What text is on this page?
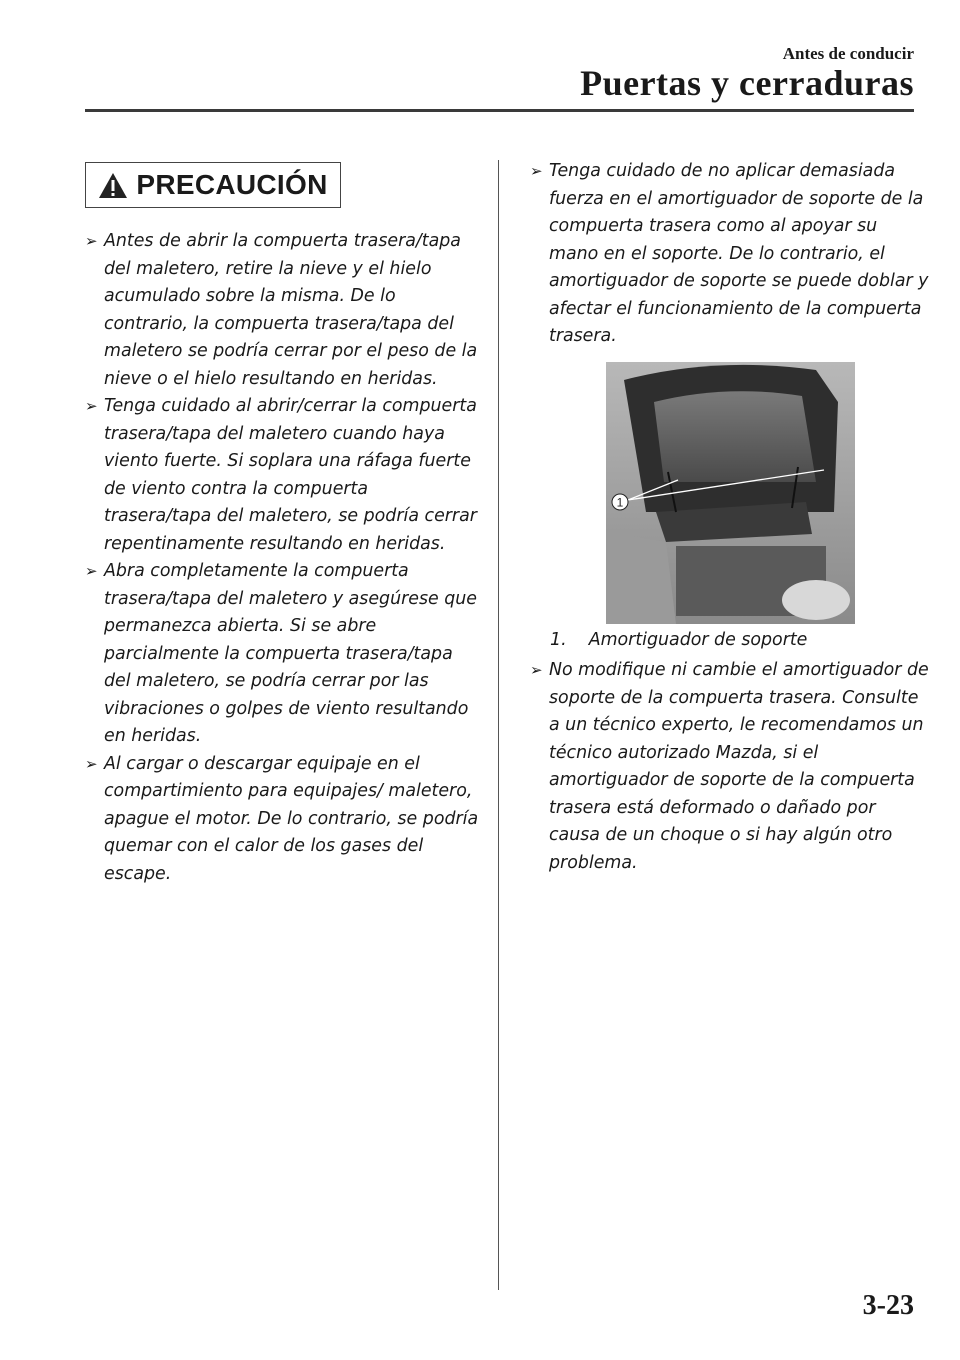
Antes de conducir
Puertas y cerraduras
PRECAUCIÓN
➢ Antes de abrir la compuerta trasera/tapa del maletero, retire la nieve y el hielo acumulado sobre la misma. De lo contrario, la compuerta trasera/tapa del maletero se podría cerrar por el peso de la nieve o el hielo resultando en heridas.
➢ Tenga cuidado al abrir/cerrar la compuerta trasera/tapa del maletero cuando haya viento fuerte. Si soplara una ráfaga fuerte de viento contra la compuerta trasera/tapa del maletero, se podría cerrar repentinamente resultando en heridas.
➢ Abra completamente la compuerta trasera/tapa del maletero y asegúrese que permanezca abierta. Si se abre parcialmente la compuerta trasera/tapa del maletero, se podría cerrar por las vibraciones o golpes de viento resultando en heridas.
➢ Al cargar o descargar equipaje en el compartimiento para equipajes/ maletero, apague el motor. De lo contrario, se podría quemar con el calor de los gases del escape.
➢ Tenga cuidado de no aplicar demasiada fuerza en el amortiguador de soporte de la compuerta trasera como al apoyar su mano en el soporte. De lo contrario, el amortiguador de soporte se puede doblar y afectar el funcionamiento de la compuerta trasera.
1
1.    Amortiguador de soporte
➢ No modifique ni cambie el amortiguador de soporte de la compuerta trasera. Consulte a un técnico experto, le recomendamos un técnico autorizado Mazda, si el amortiguador de soporte de la compuerta trasera está deformado o dañado por causa de un choque o si hay algún otro problema.
3-23
